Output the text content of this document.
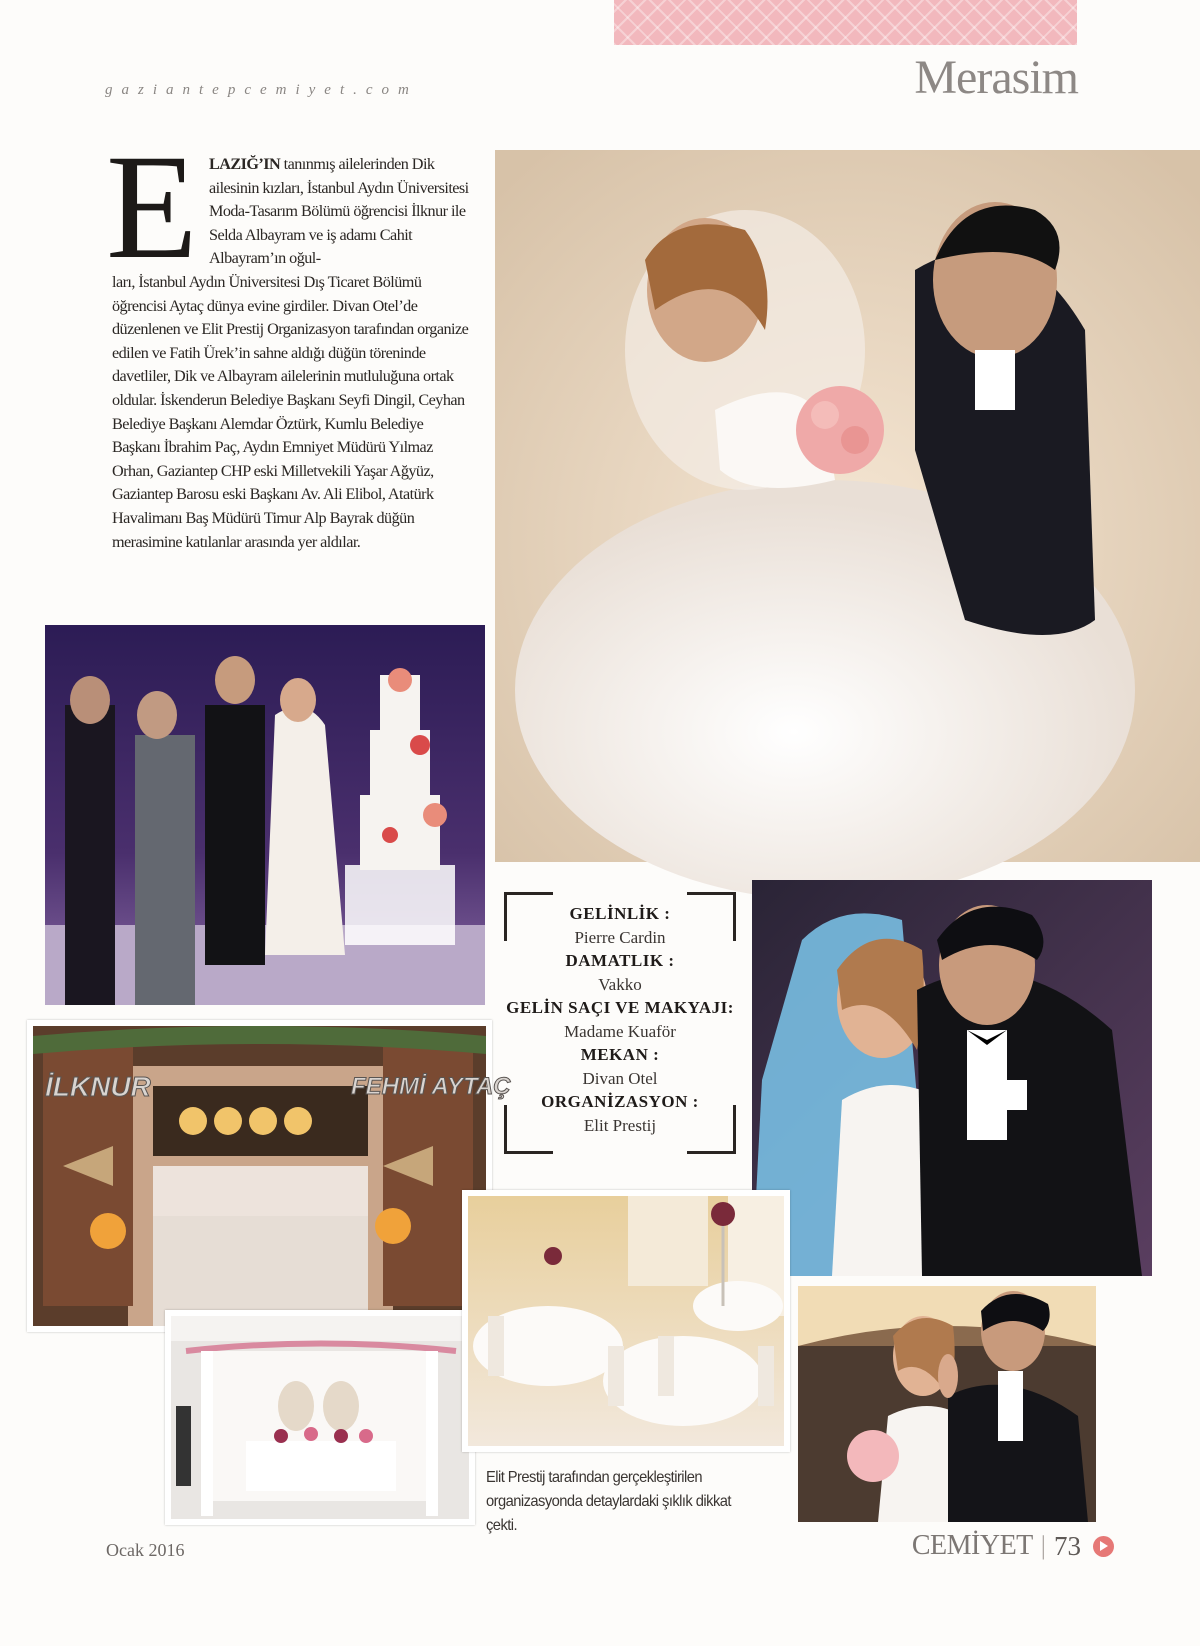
gaziantepcemiyet.com	Merasim
E LAZIĞ’IN tanınmış ailelerinden Dik ailesinin kızları, İstanbul Aydın Üniversitesi Moda-Tasarım Bölümü öğrencisi İlknur ile Selda Albayram ve iş adamı Cahit Albayram’ın oğul-
ları, İstanbul Aydın Üniversitesi Dış Ticaret Bölümü öğrencisi Aytaç dünya evine girdiler. Divan Otel’de düzenlenen ve Elit Prestij Organizasyon tarafından organize edilen ve Fatih Ürek’in sahne aldığı düğün töreninde davetliler, Dik ve Albayram ailelerinin mutluluğuna ortak oldular. İskenderun Belediye Başkanı Seyfi Dingil, Ceyhan Belediye Başkanı Alemdar Öztürk, Kumlu Belediye Başkanı İbrahim Paç, Aydın Emniyet Müdürü Yılmaz Orhan, Gaziantep CHP eski Milletvekili Yaşar Ağyüz, Gaziantep Barosu eski Başkanı Av. Ali Elibol, Atatürk Havalimanı Baş Müdürü Timur Alp Bayrak düğün merasimine katılanlar arasında yer aldılar.
GELİNLİK :
Pierre Cardin
DAMATLIK :
Vakko
GELİN SAÇI VE MAKYAJI:
Madame Kuaför
MEKAN :
Divan Otel
ORGANİZASYON :
Elit Prestij
İLKNUR	FEHMİ AYTAÇ
Elit Prestij tarafından gerçekleştirilen
organizasyonda detaylardaki şıklık dikkat çekti.
Ocak 2016	CEMİYET | 73
